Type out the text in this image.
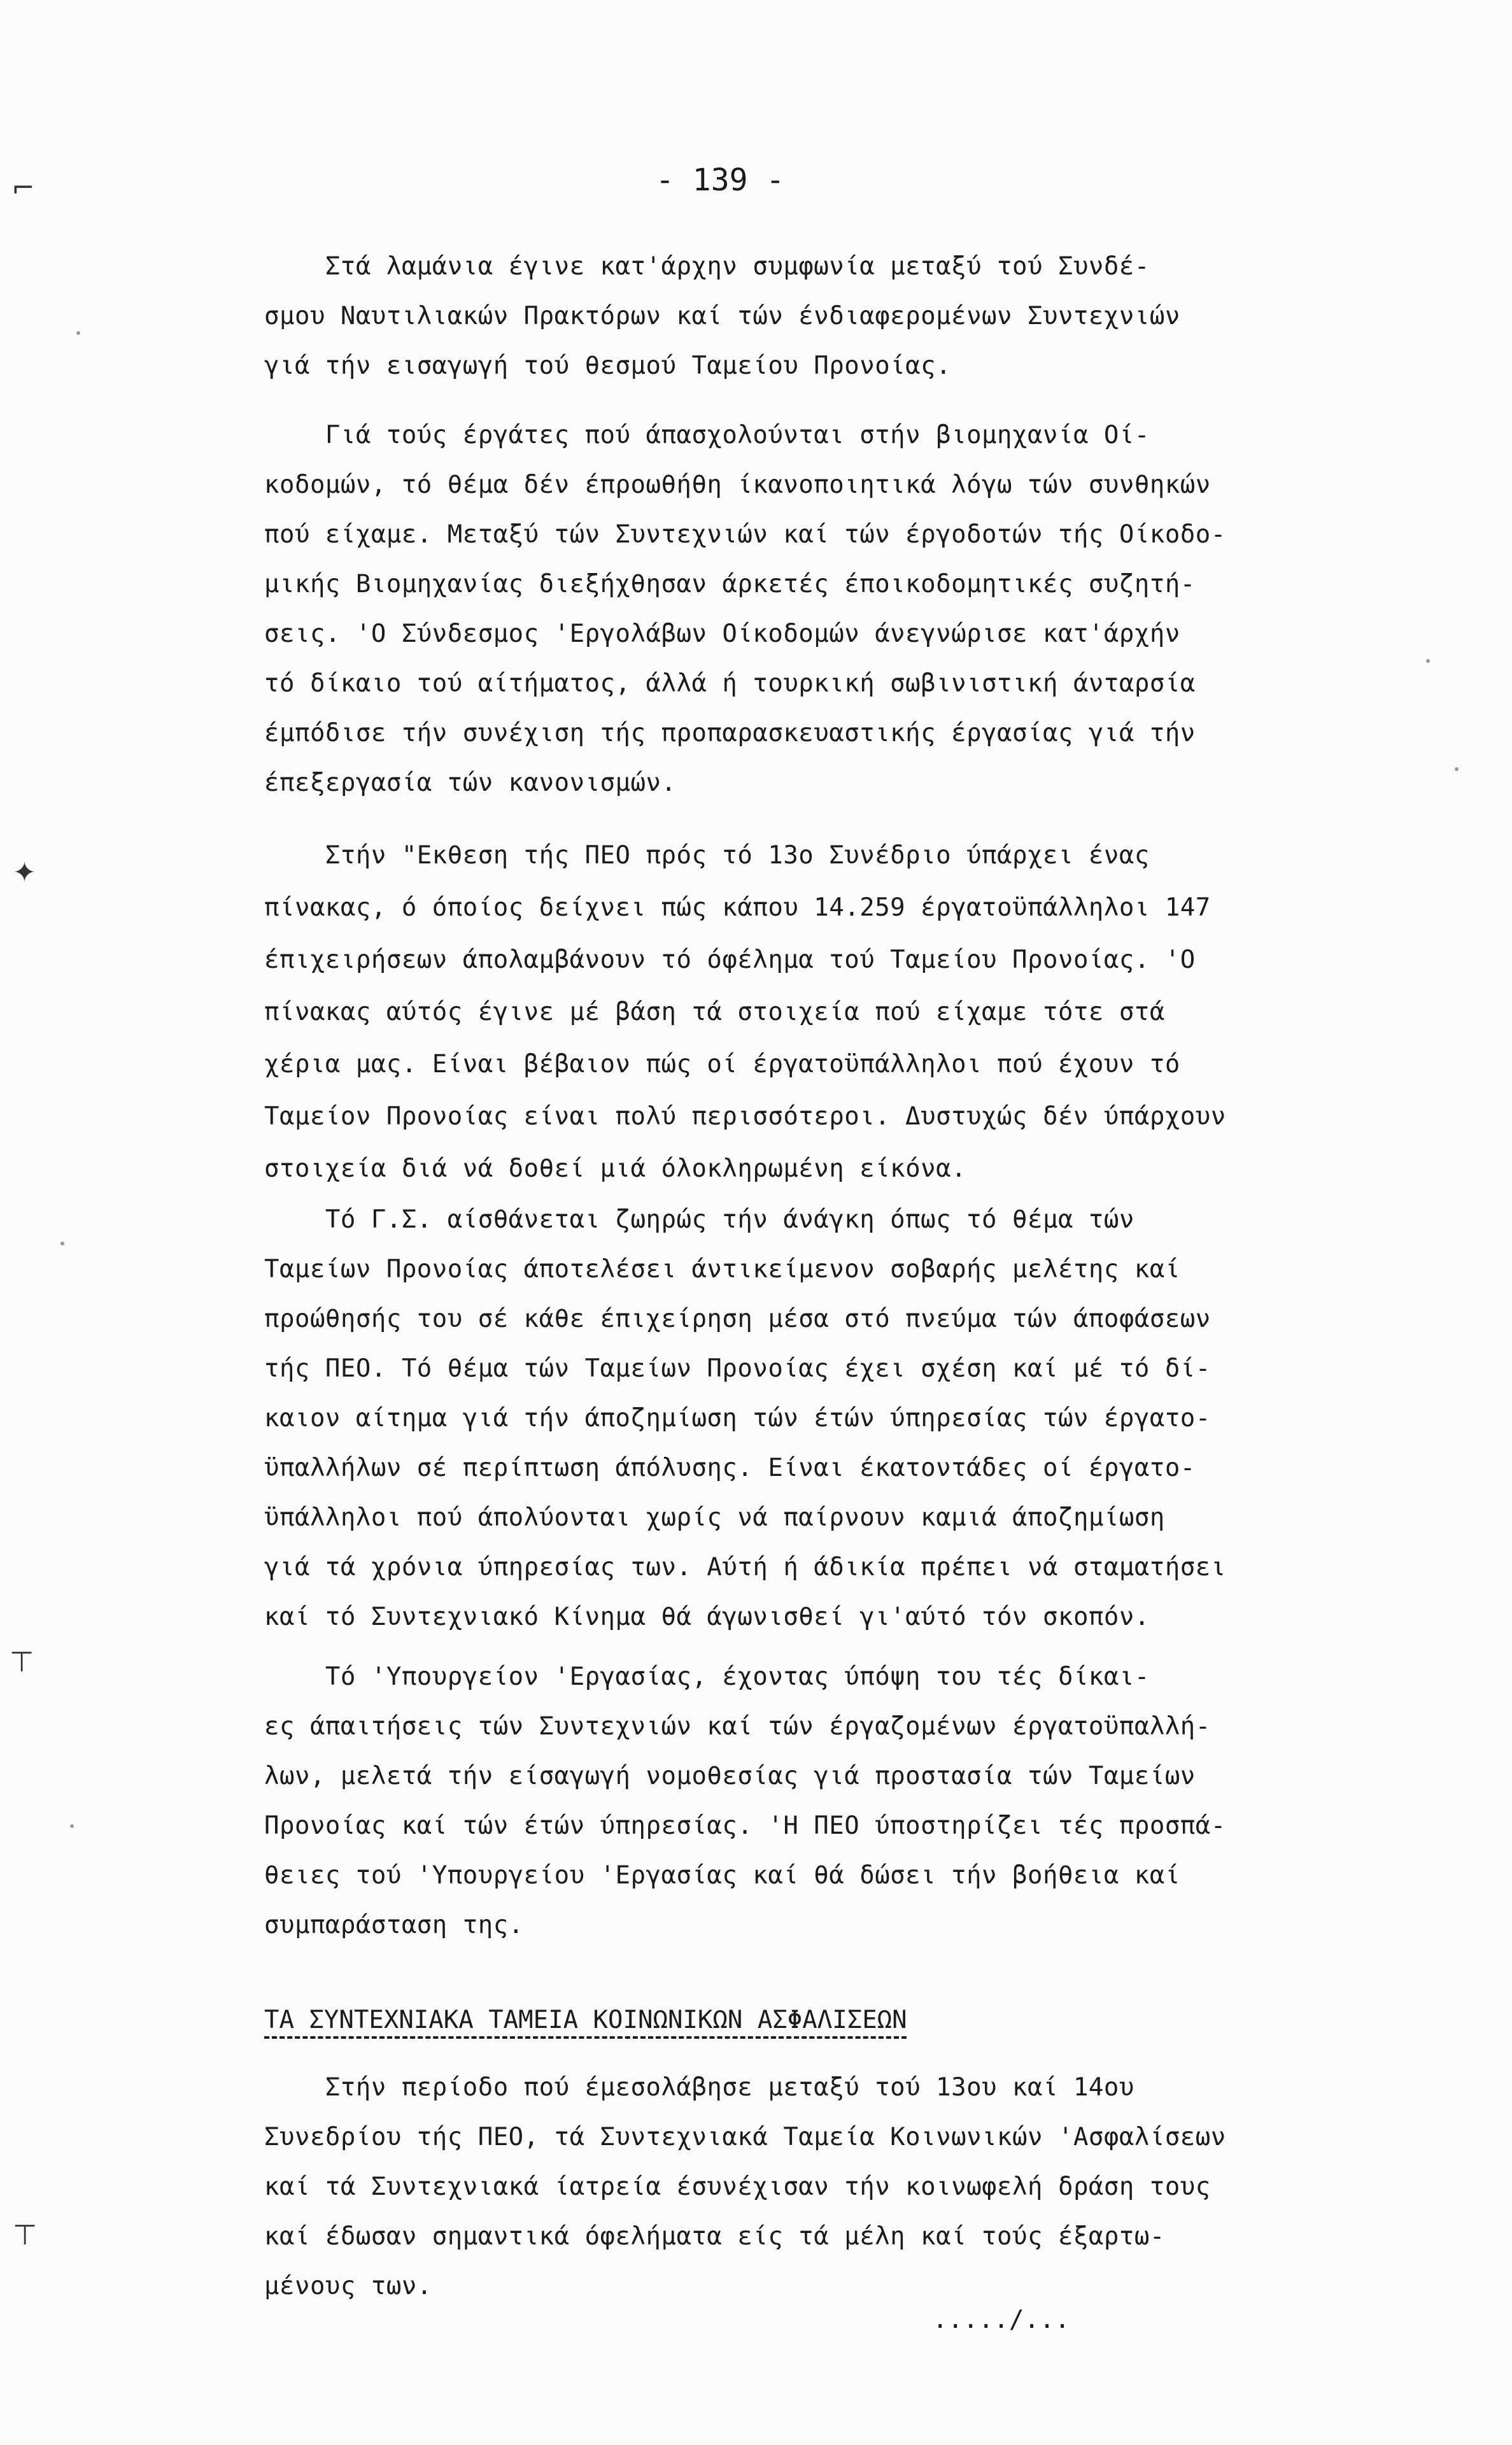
- 139 -
Στά λαμάνια έγινε κατ'άρχην συμφωνία μεταξύ τού Συνδέ-
σμου Ναυτιλιακών Πρακτόρων καί τών ένδιαφερομένων Συντεχνιών
γιά τήν εισαγωγή τού θεσμού Ταμείου Προνοίας.
Γιά τούς έργάτες πού άπασχολούνται στήν βιομηχανία Οί-
κοδομών, τό θέμα δέν έπροωθήθη ίκανοποιητικά λόγω τών συνθηκών
πού είχαμε. Μεταξύ τών Συντεχνιών καί τών έργοδοτών τής Οίκοδο-
μικής Βιομηχανίας διεξήχθησαν άρκετές έποικοδομητικές συζητή-
σεις. 'Ο Σύνδεσμος 'Εργολάβων Οίκοδομών άνεγνώρισε κατ'άρχήν
τό δίκαιο τού αίτήματος, άλλά ή τουρκική σωβινιστική άνταρσία
έμπόδισε τήν συνέχιση τής προπαρασκευαστικής έργασίας γιά τήν
έπεξεργασία τών κανονισμών.
Στήν "Εκθεση τής ΠΕΟ πρός τό 13ο Συνέδριο ύπάρχει ένας
πίνακας, ό όποίος δείχνει πώς κάπου 14.259 έργατοϋπάλληλοι 147
έπιχειρήσεων άπολαμβάνουν τό όφέλημα τού Ταμείου Προνοίας. 'Ο
πίνακας αύτός έγινε μέ βάση τά στοιχεία πού είχαμε τότε στά
χέρια μας. Είναι βέβαιον πώς οί έργατοϋπάλληλοι πού έχουν τό
Ταμείον Προνοίας είναι πολύ περισσότεροι. Δυστυχώς δέν ύπάρχουν
στοιχεία διά νά δοθεί μιά όλοκληρωμένη είκόνα.
Τό Γ.Σ. αίσθάνεται ζωηρώς τήν άνάγκη όπως τό θέμα τών
Ταμείων Προνοίας άποτελέσει άντικείμενον σοβαρής μελέτης καί
προώθησής του σέ κάθε έπιχείρηση μέσα στό πνεύμα τών άποφάσεων
τής ΠΕΟ. Τό θέμα τών Ταμείων Προνοίας έχει σχέση καί μέ τό δί-
καιον αίτημα γιά τήν άποζημίωση τών έτών ύπηρεσίας τών έργατο-
ϋπαλλήλων σέ περίπτωση άπόλυσης. Είναι έκατοντάδες οί έργατο-
ϋπάλληλοι πού άπολύονται χωρίς νά παίρνουν καμιά άποζημίωση
γιά τά χρόνια ύπηρεσίας των. Αύτή ή άδικία πρέπει νά σταματήσει
καί τό Συντεχνιακό Κίνημα θά άγωνισθεί γι'αύτό τόν σκοπόν.
Τό 'Υπουργείον 'Εργασίας, έχοντας ύπόψη του τές δίκαι-
ες άπαιτήσεις τών Συντεχνιών καί τών έργαζομένων έργατοϋπαλλή-
λων, μελετά τήν είσαγωγή νομοθεσίας γιά προστασία τών Ταμείων
Προνοίας καί τών έτών ύπηρεσίας. 'Η ΠΕΟ ύποστηρίζει τές προσπά-
θειες τού 'Υπουργείου 'Εργασίας καί θά δώσει τήν βοήθεια καί
συμπαράσταση της.
ΤΑ ΣΥΝΤΕΧΝΙΑΚΑ ΤΑΜΕΙΑ ΚΟΙΝΩΝΙΚΩΝ ΑΣΦΑΛΙΣΕΩΝ
Στήν περίοδο πού έμεσολάβησε μεταξύ τού 13ου καί 14ου
Συνεδρίου τής ΠΕΟ, τά Συντεχνιακά Ταμεία Κοινωνικών 'Ασφαλίσεων
καί τά Συντεχνιακά ίατρεία έσυνέχισαν τήν κοινωφελή δράση τους
καί έδωσαν σημαντικά όφελήματα είς τά μέλη καί τούς έξαρτω-
μένους των.
...../...
⌐
✦
⊤
⊤
